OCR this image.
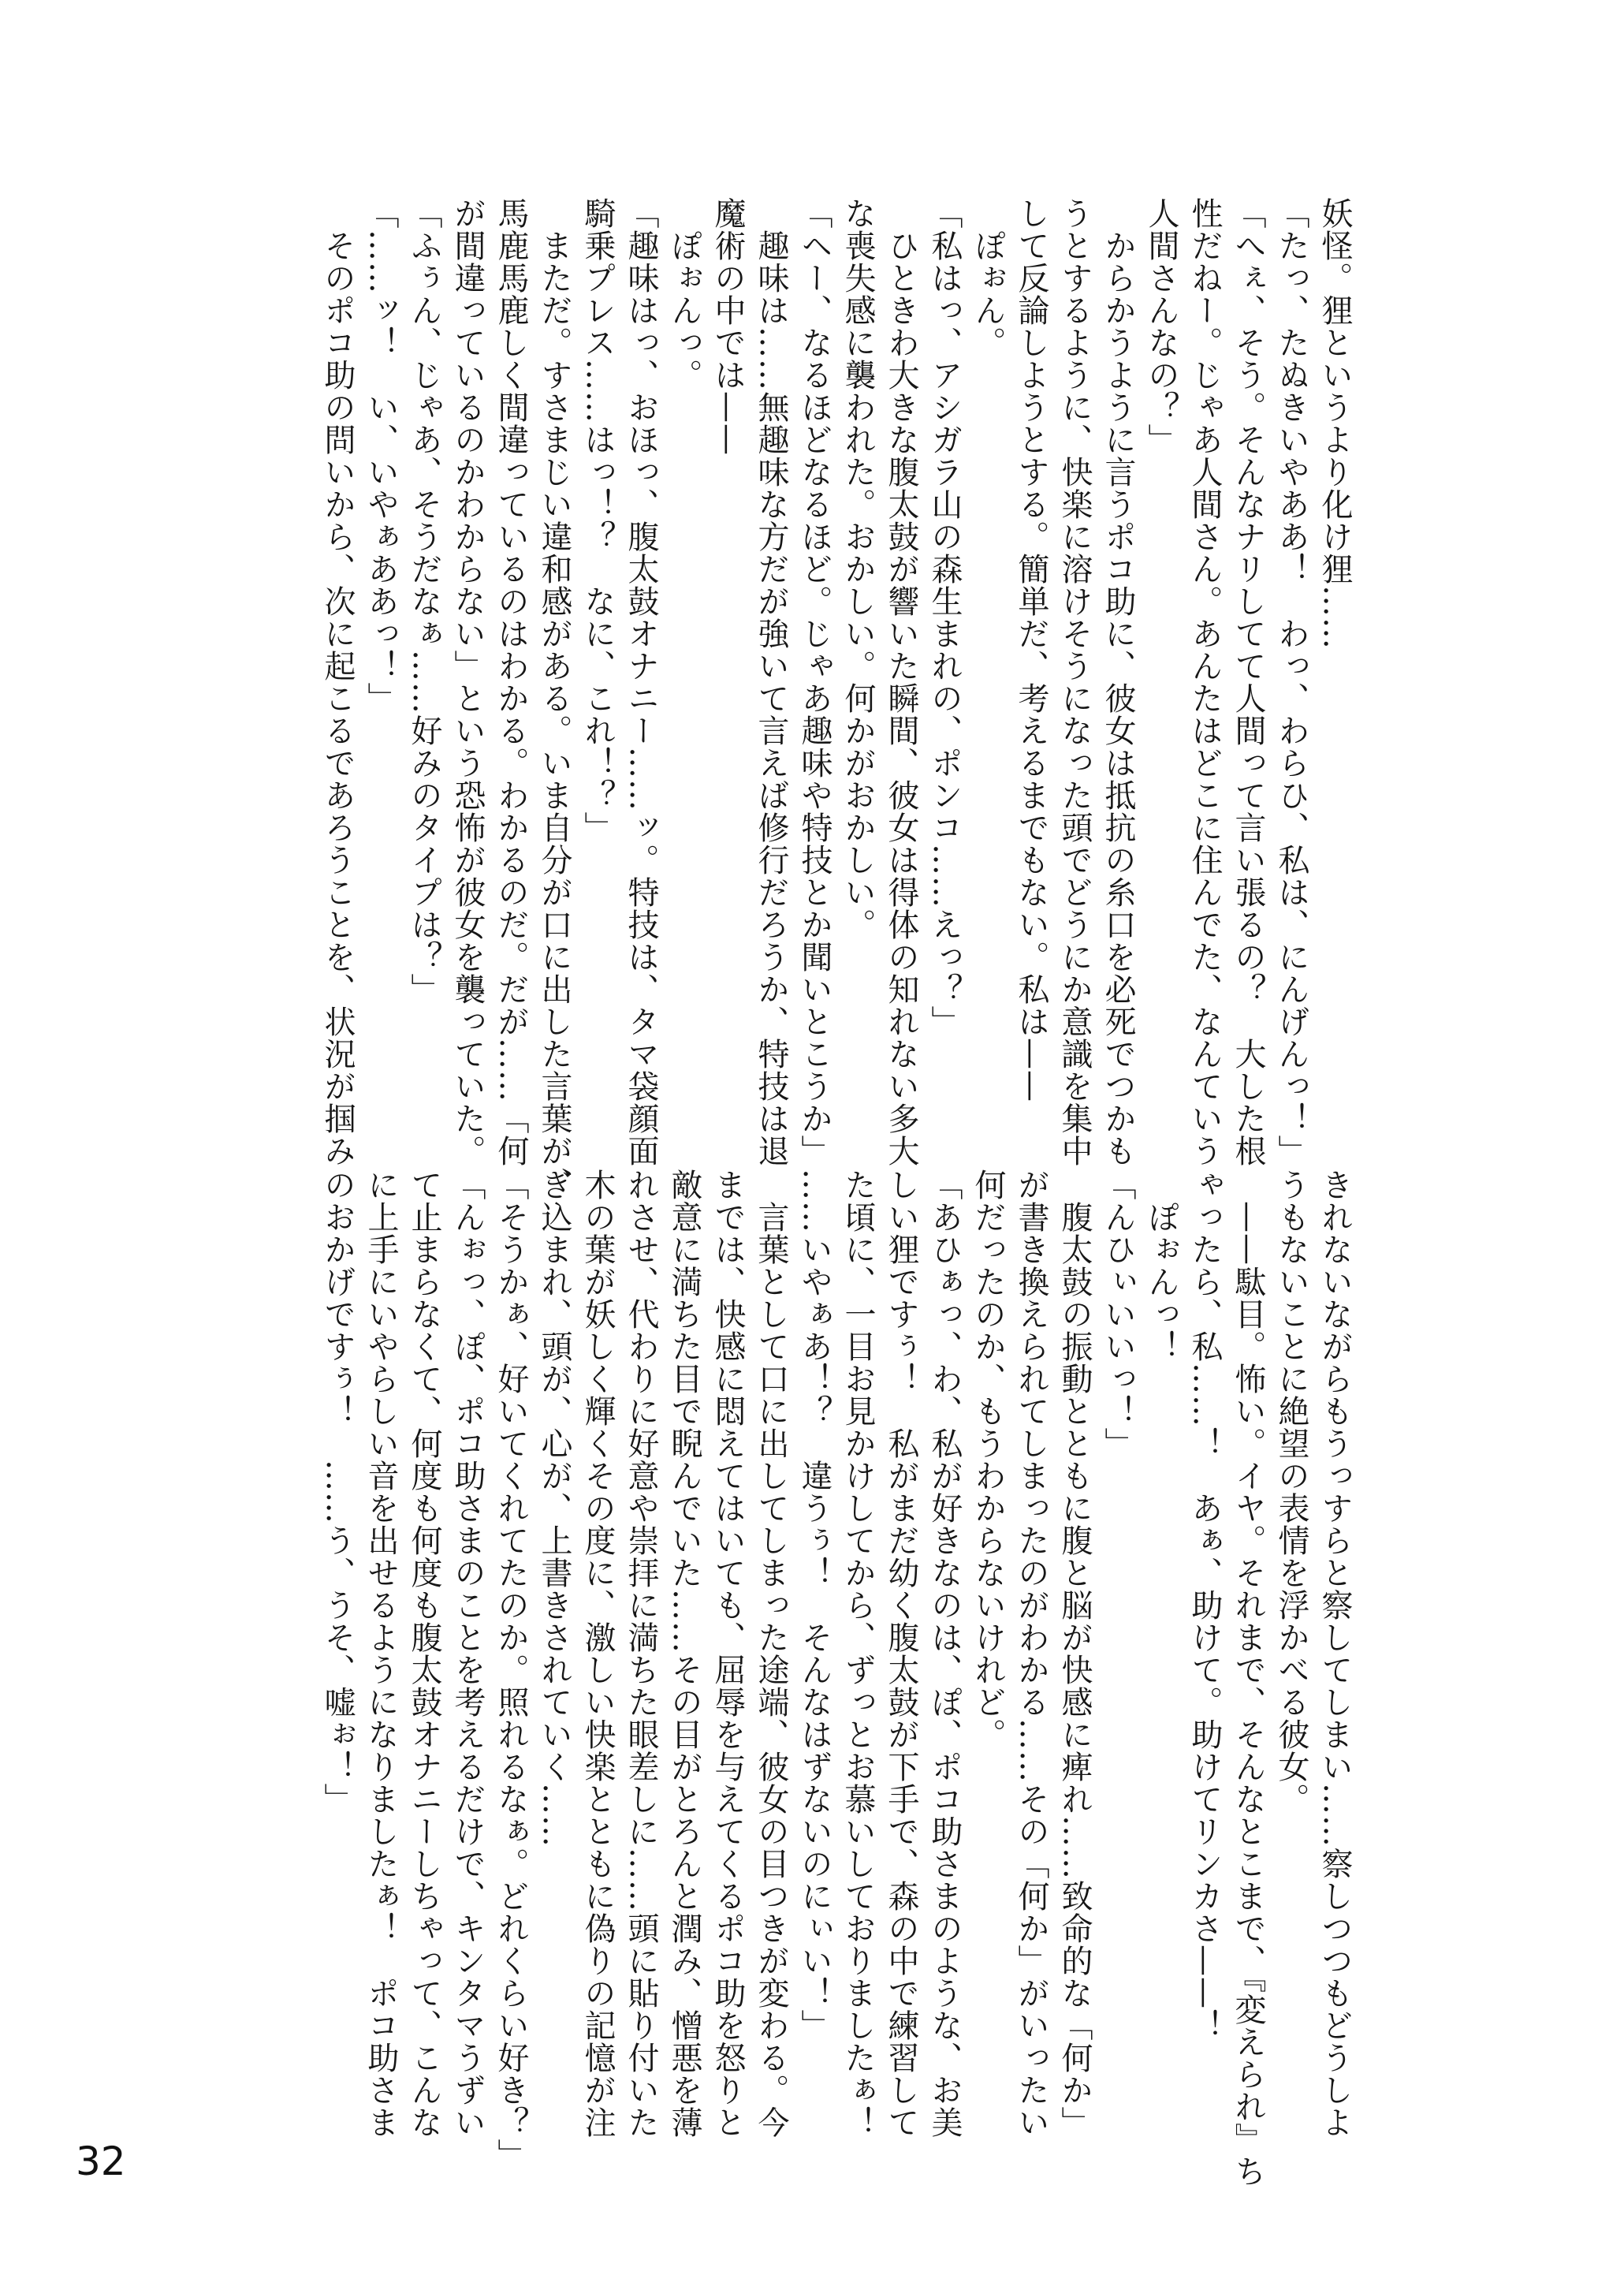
妖怪。狸というより化け狸……
「たっ、たぬきいやああ！　わっ、わらひ、私は、にんげんっ！」
「へぇ、そう。そんなナリしてて人間って言い張るの？　大した根
性だねー。じゃあ人間さん。あんたはどこに住んでた、なんていう
人間さんなの？」
　からかうように言うポコ助に、彼女は抵抗の糸口を必死でつかも
うとするように、快楽に溶けそうになった頭でどうにか意識を集中
して反論しようとする。簡単だ、考えるまでもない。私は——
　ぽぉん。
「私はっ、アシガラ山の森生まれの、ポンコ……えっ？」
　ひときわ大きな腹太鼓が響いた瞬間、彼女は得体の知れない多大
な喪失感に襲われた。おかしい。何かがおかしい。
「ヘー、なるほどなるほど。じゃあ趣味や特技とか聞いとこうか」
　趣味は……無趣味な方だが強いて言えば修行だろうか、特技は退
魔術の中では——
　ぽぉんっ。
「趣味はっ、おほっ、腹太鼓オナニー……ッ。特技は、タマ袋顔面
騎乗プレス……はっ！？　なに、これ！？」
　まただ。すさまじい違和感がある。いま自分が口に出した言葉が、
馬鹿馬鹿しく間違っているのはわかる。わかるのだ。だが……「何
が間違っているのかわからない」という恐怖が彼女を襲っていた。
「ふぅん、じゃあ、そうだなぁ……好みのタイプは？」
「……ッ！　い、いやぁああっ！」
　そのポコ助の問いから、次に起こるであろうことを、状況が掴み
きれないながらもうっすらと察してしまい……察しつつもどうしよ
うもないことに絶望の表情を浮かべる彼女。
　——駄目。怖い。イヤ。それまで、そんなとこまで、『変えられ』ち
ゃったら、私……！　あぁ、助けて。助けてリンカさ——！
　ぽぉんっ！
「んひぃいいっ！」
　腹太鼓の振動とともに腹と脳が快感に痺れ……致命的な「何か」
が書き換えられてしまったのがわかる……その「何か」がいったい
何だったのか、もうわからないけれど。
「あひぁっ、わ、私が好きなのは、ぽ、ポコ助さまのような、お美
しい狸ですぅ！　私がまだ幼く腹太鼓が下手で、森の中で練習して
た頃に、一目お見かけしてから、ずっとお慕いしておりましたぁ！
……いやぁあ！？　違うぅ！　そんなはずないのにぃい！」
　言葉として口に出してしまった途端、彼女の目つきが変わる。今
までは、快感に悶えてはいても、屈辱を与えてくるポコ助を怒りと
敵意に満ちた目で睨んでいた……その目がとろんと潤み、憎悪を薄
れさせ、代わりに好意や崇拝に満ちた眼差しに……頭に貼り付いた
木の葉が妖しく輝くその度に、激しい快楽とともに偽りの記憶が注
ぎ込まれ、頭が、心が、上書きされていく……
「そうかぁ、好いてくれてたのか。照れるなぁ。どれくらい好き？」
「んぉっ、ぽ、ポコ助さまのことを考えるだけで、キンタマうずい
て止まらなくて、何度も何度も腹太鼓オナニーしちゃって、こんな
に上手にいやらしい音を出せるようになりましたぁ！　ポコ助さま
のおかげですぅ！　……う、うそ、嘘ぉ！」
32
